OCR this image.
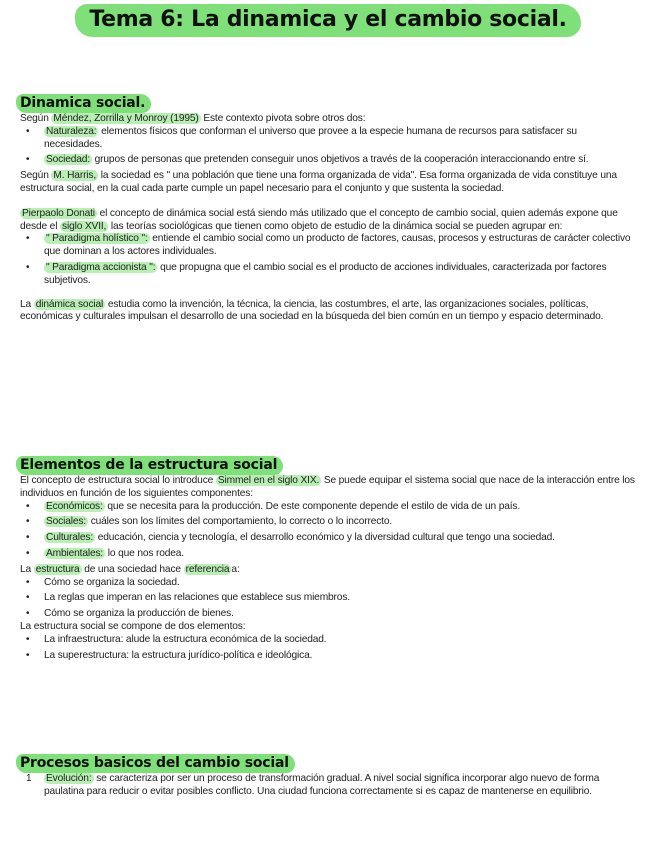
Tema 6: La dinamica y el cambio social.
Dinamica social.

Según Méndez, Zorrilla y Monroy (1995) Este contexto pivota sobre otros dos:

• Naturaleza: elementos físicos que conforman el universo que provee a la especie humana de recursos para satisfacer su necesidades.
• Sociedad: grupos de personas que pretenden conseguir unos objetivos a través de la cooperación interaccionando entre sí.

Según M. Harris, la sociedad es " una población que tiene una forma organizada de vida". Esa forma organizada de vida constituye una estructura social, en la cual cada parte cumple un papel necesario para el conjunto y que sustenta la sociedad.

Pierpaolo Donati el concepto de dinámica social está siendo más utilizado que el concepto de cambio social, quien además expone que desde el siglo XVII, las teorías sociológicas que tienen como objeto de estudio de la dinámica social se pueden agrupar en:

• " Paradigma holístico ": entiende el cambio social como un producto de factores, causas, procesos y estructuras de carácter colectivo que dominan a los actores individuales.
• " Paradigma accionista ": que propugna que el cambio social es el producto de acciones individuales, caracterizada por factores subjetivos.

La dinámica social estudia como la invención, la técnica, la ciencia, las costumbres, el arte, las organizaciones sociales, políticas, económicas y culturales impulsan el desarrollo de una sociedad en la búsqueda del bien común en un tiempo y espacio determinado.

Elementos de la estructura social

El concepto de estructura social lo introduce Simmel en el siglo XIX. Se puede equipar el sistema social que nace de la interacción entre los individuos en función de los siguientes componentes:

• Económicos: que se necesita para la producción. De este componente depende el estilo de vida de un país.
• Sociales: cuáles son los límites del comportamiento, lo correcto o lo incorrecto.
• Culturales: educación, ciencia y tecnología, el desarrollo económico y la diversidad cultural que tengo una sociedad.
• Ambientales: lo que nos rodea.

La estructura de una sociedad hace referencia a:

• Cómo se organiza la sociedad.
• La reglas que imperan en las relaciones que establece sus miembros.
• Cómo se organiza la producción de bienes.

La estructura social se compone de dos elementos:

• La infraestructura: alude la estructura económica de la sociedad.
• La superestructura: la estructura jurídico-política e ideológica.
Procesos basicos del cambio social
1 Evolución: se caracteriza por ser un proceso de transformación gradual. A nivel social significa incorporar algo nuevo de forma paulatina para reducir o evitar posibles conflicto. Una ciudad funciona correctamente si es capaz de mantenerse en equilibrio.
